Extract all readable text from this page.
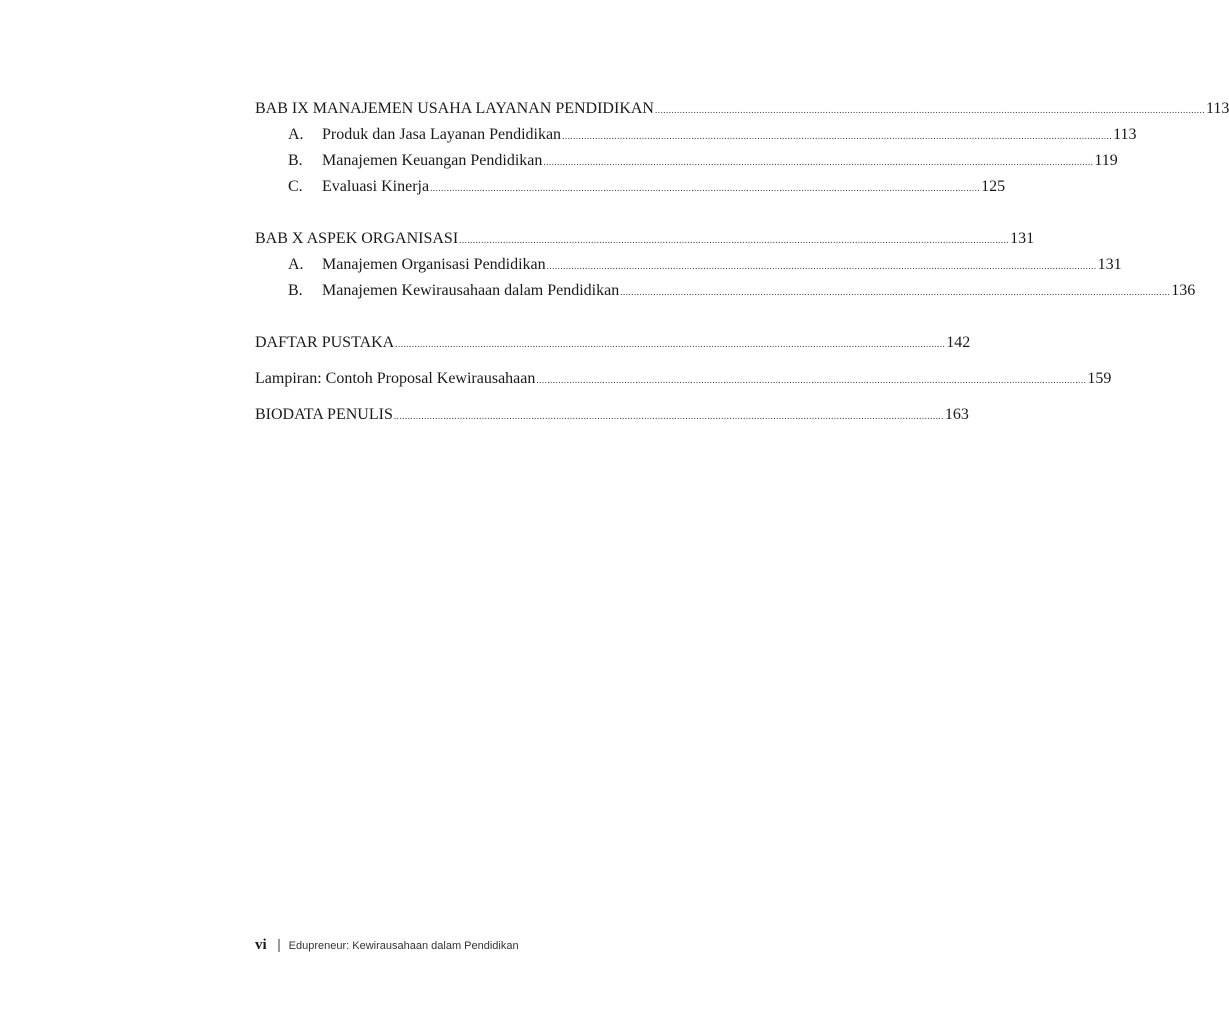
BAB IX MANAJEMEN USAHA LAYANAN PENDIDIKAN ........................................................................................................................................................................................................ 113
A.	Produk dan Jasa Layanan Pendidikan ........................................................................................................................................................................................................ 113
B.	Manajemen Keuangan Pendidikan ........................................................................................................................................................................................................ 119
C.	Evaluasi Kinerja ........................................................................................................................................................................................................ 125
BAB X ASPEK ORGANISASI ........................................................................................................................................................................................................ 131
A.	Manajemen Organisasi Pendidikan ........................................................................................................................................................................................................ 131
B.	Manajemen Kewirausahaan dalam Pendidikan ........................................................................................................................................................................................................ 136
DAFTAR PUSTAKA ........................................................................................................................................................................................................ 142
Lampiran: Contoh Proposal Kewirausahaan ........................................................................................................................................................................................................ 159
BIODATA PENULIS ........................................................................................................................................................................................................ 163
vi Edupreneur: Kewirausahaan dalam Pendidikan
